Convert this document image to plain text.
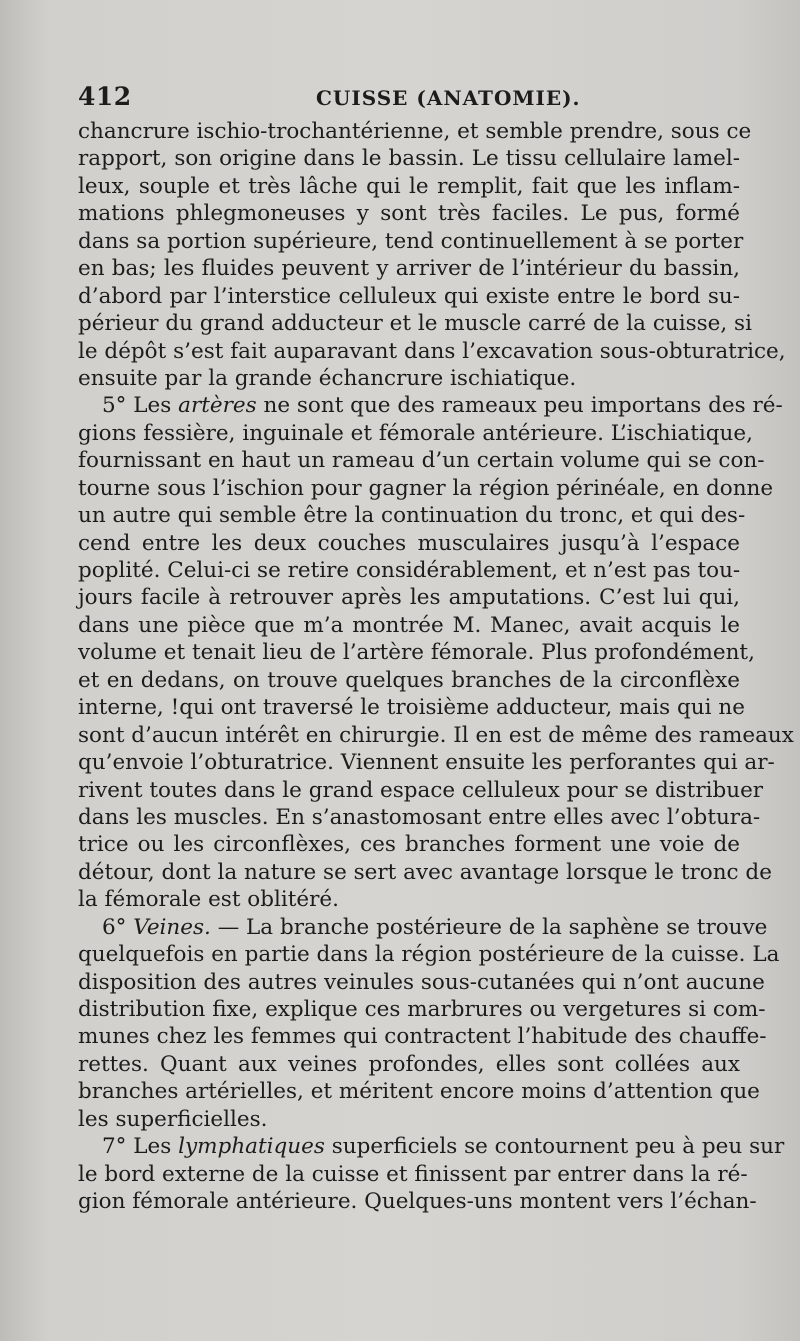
412	CUISSE (ANATOMIE).
chancrure ischio-trochantérienne, et semble prendre, sous ce
rapport, son origine dans le bassin. Le tissu cellulaire lamel-
leux, souple et très lâche qui le remplit, fait que les inflam-
mations phlegmoneuses y sont très faciles. Le pus, formé
dans sa portion supérieure, tend continuellement à se porter
en bas; les fluides peuvent y arriver de l’intérieur du bassin,
d’abord par l’interstice celluleux qui existe entre le bord su-
périeur du grand adducteur et le muscle carré de la cuisse, si
le dépôt s’est fait auparavant dans l’excavation sous-obturatrice,
ensuite par la grande échancrure ischiatique.
5° Les artères ne sont que des rameaux peu importans des ré-
gions fessière, inguinale et fémorale antérieure. L’ischiatique,
fournissant en haut un rameau d’un certain volume qui se con-
tourne sous l’ischion pour gagner la région périnéale, en donne
un autre qui semble être la continuation du tronc, et qui des-
cend entre les deux couches musculaires jusqu’à l’espace
poplité. Celui-ci se retire considérablement, et n’est pas tou-
jours facile à retrouver après les amputations. C’est lui qui,
dans une pièce que m’a montrée M. Manec, avait acquis le
volume et tenait lieu de l’artère fémorale. Plus profondément,
et en dedans, on trouve quelques branches de la circonflèxe
interne, !qui ont traversé le troisième adducteur, mais qui ne
sont d’aucun intérêt en chirurgie. Il en est de même des rameaux
qu’envoie l’obturatrice. Viennent ensuite les perforantes qui ar-
rivent toutes dans le grand espace celluleux pour se distribuer
dans les muscles. En s’anastomosant entre elles avec l’obtura-
trice ou les circonflèxes, ces branches forment une voie de
détour, dont la nature se sert avec avantage lorsque le tronc de
la fémorale est oblitéré.
6° Veines. — La branche postérieure de la saphène se trouve
quelquefois en partie dans la région postérieure de la cuisse. La
disposition des autres veinules sous-cutanées qui n’ont aucune
distribution fixe, explique ces marbrures ou vergetures si com-
munes chez les femmes qui contractent l’habitude des chauffe-
rettes. Quant aux veines profondes, elles sont collées aux
branches artérielles, et méritent encore moins d’attention que
les superficielles.
7° Les lymphatiques superficiels se contournent peu à peu sur
le bord externe de la cuisse et finissent par entrer dans la ré-
gion fémorale antérieure. Quelques-uns montent vers l’échan-
